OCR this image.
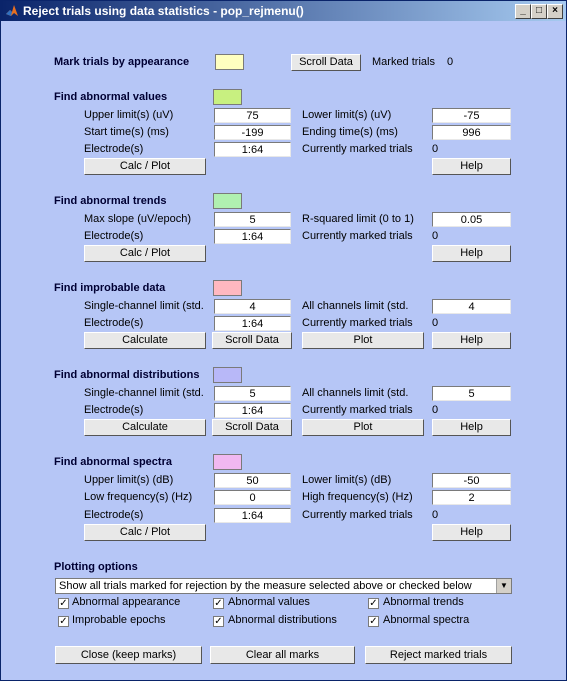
Reject trials using data statistics - pop_rejmenu()	_	□	×
Mark trials by appearance	Scroll Data	Marked trials 0
Find abnormal values
Upper limit(s) (uV)	75	Lower limit(s) (uV)	-75
Start time(s) (ms)	-199	Ending time(s) (ms)	996
Electrode(s)	1:64	Currently marked trials 0
Calc / Plot	Help
Find abnormal trends
Max slope (uV/epoch)	5	R-squared limit (0 to 1)	0.05
Electrode(s)	1:64	Currently marked trials 0
Calc / Plot	Help
Find improbable data
Single-channel limit (std.	4	All channels limit (std.	4
Electrode(s)	1:64	Currently marked trials 0
Calculate	Scroll Data	Plot	Help
Find abnormal distributions
Single-channel limit (std.	5	All channels limit (std.	5
Electrode(s)	1:64	Currently marked trials 0
Calculate	Scroll Data	Plot	Help
Find abnormal spectra
Upper limit(s) (dB)	50	Lower limit(s) (dB)	-50
Low frequency(s) (Hz)	0	High frequency(s) (Hz)	2
Electrode(s)	1:64	Currently marked trials 0
Calc / Plot	Help
Plotting options
Show all trials marked for rejection by the measure selected above or checked below	▼
✓ Abnormal appearance	✓ Abnormal values	✓ Abnormal trends
✓ Improbable epochs	✓ Abnormal distributions	✓ Abnormal spectra
Close (keep marks)	Clear all marks	Reject marked trials
